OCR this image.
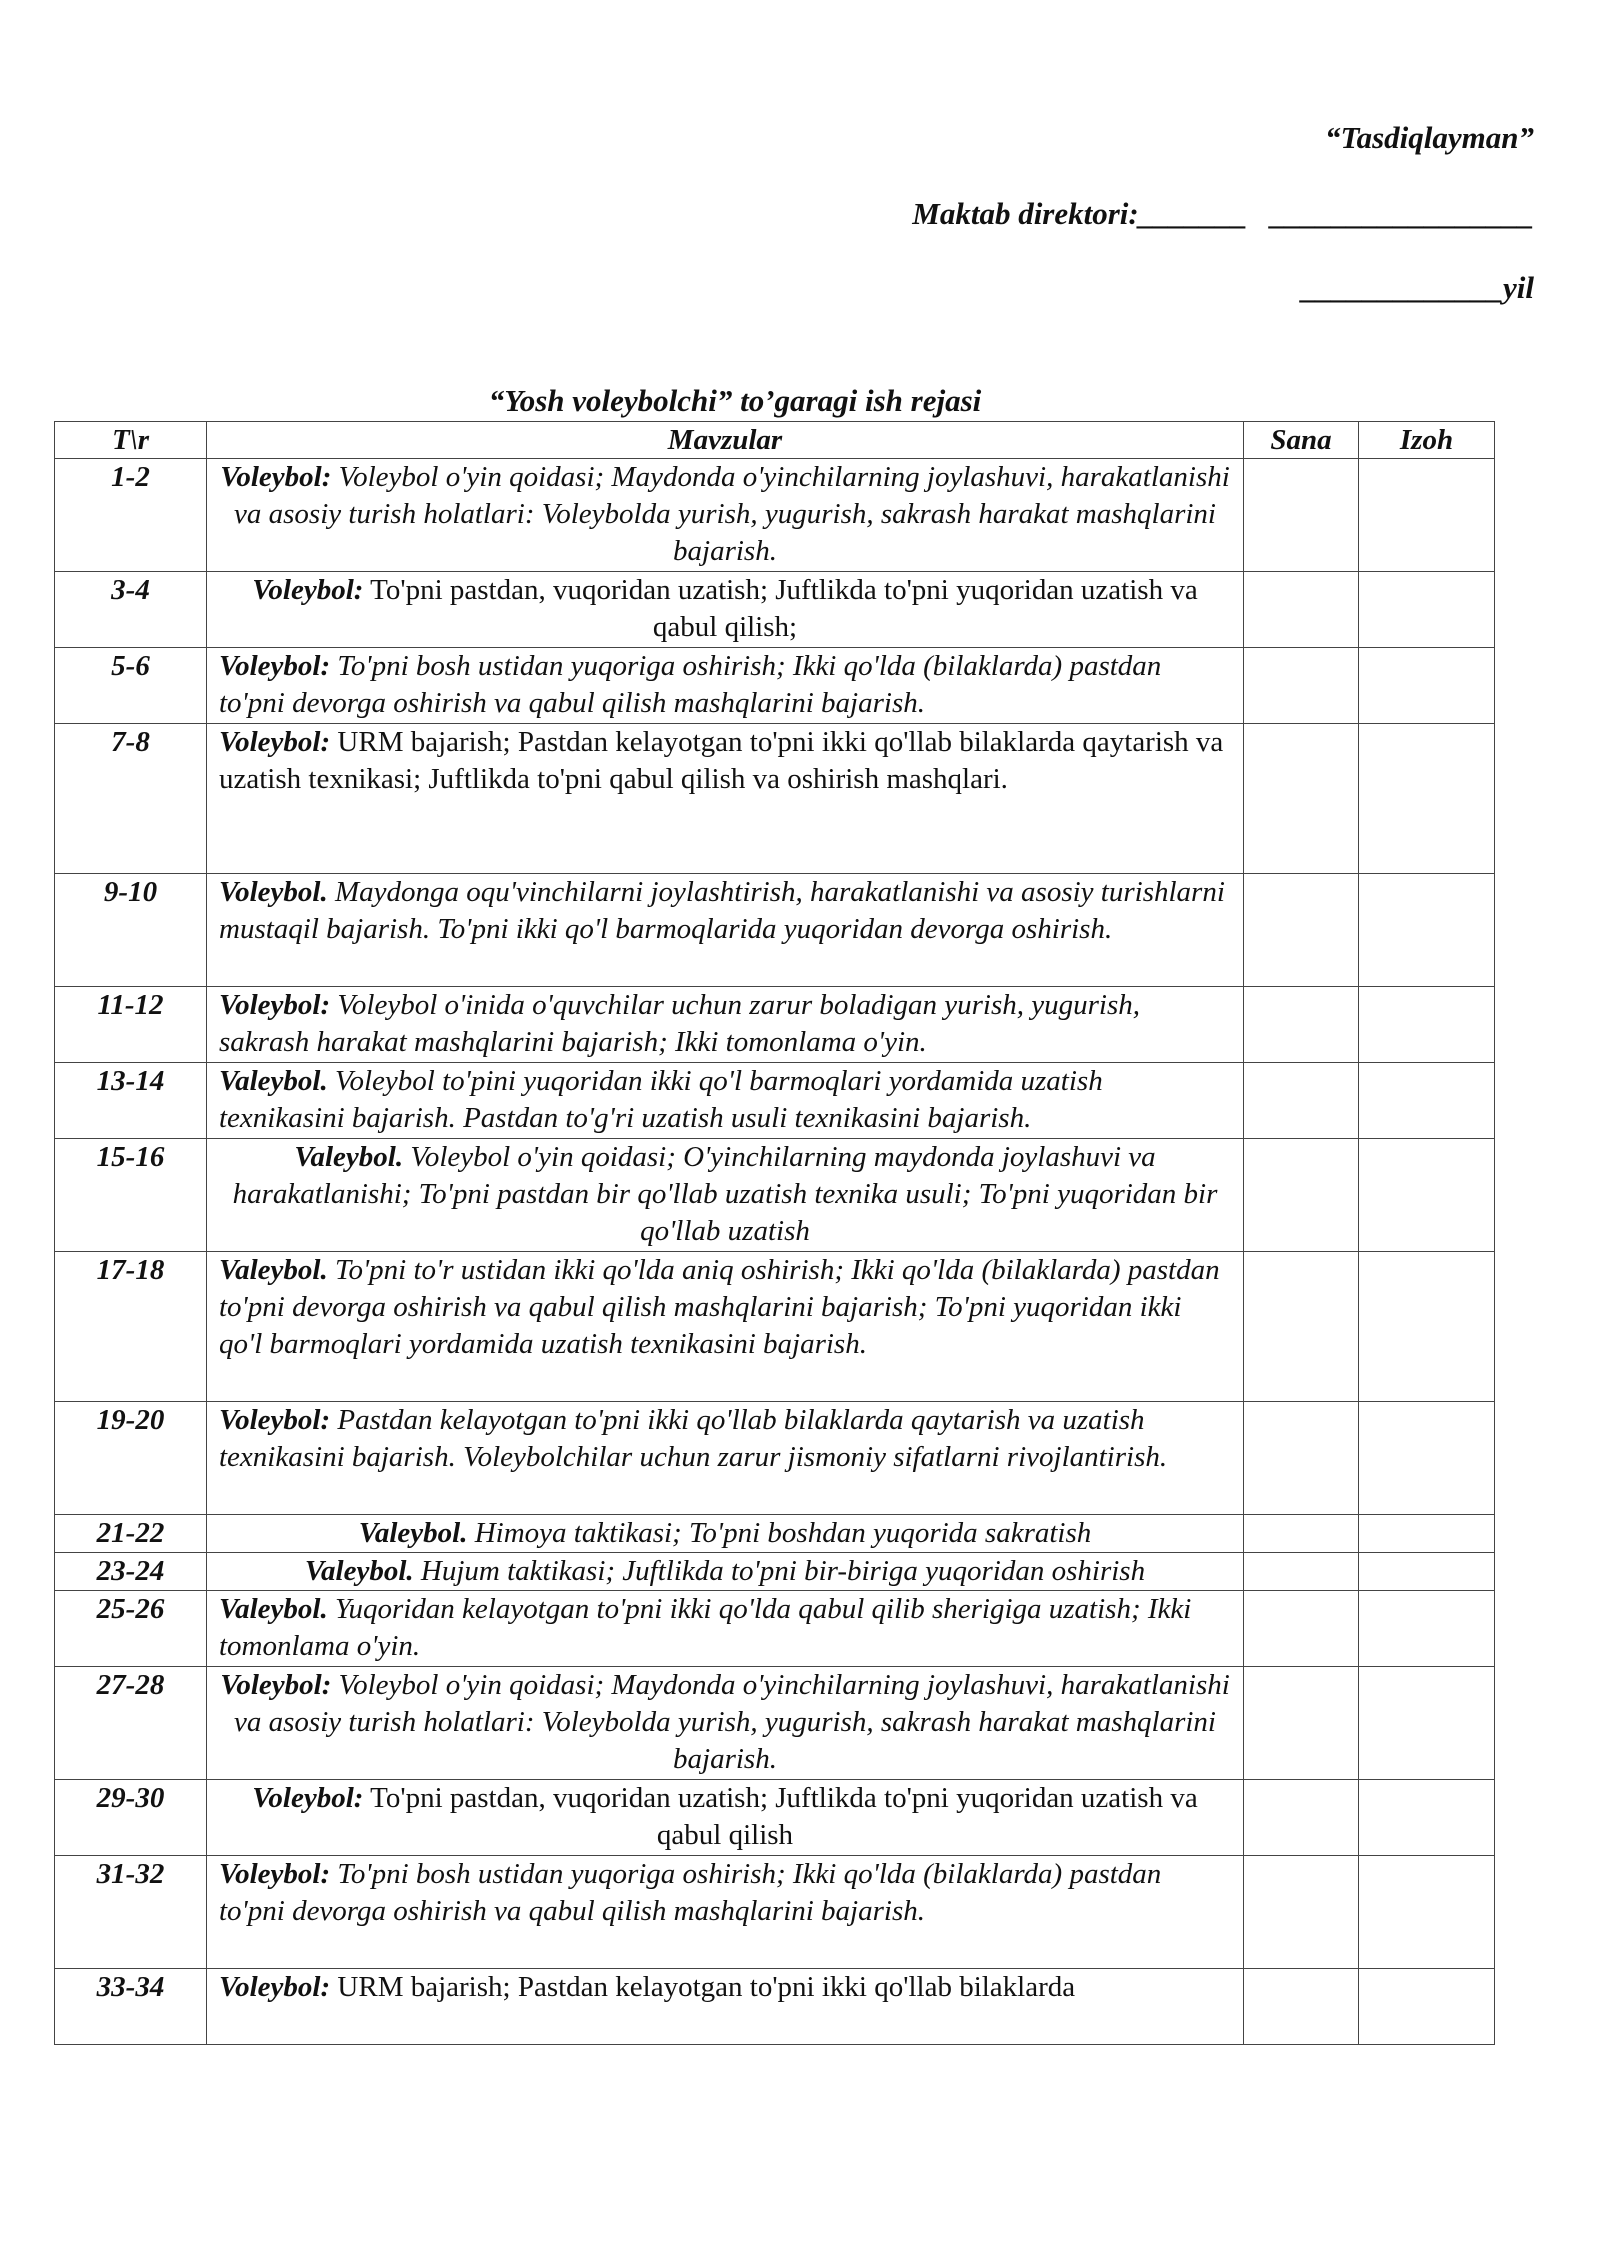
“Tasdiqlayman”
Maktab direktori:_______   _________________
_____________yil
“Yosh voleybolchi” to’garagi ish rejasi
T\r	Mavzular	Sana	Izoh
1-2	Voleybol: Voleybol o'yin qoidasi; Maydonda o'yinchilarning joylashuvi, harakatlanishi va asosiy turish holatlari: Voleybolda yurish, yugurish, sakrash harakat mashqlarini bajarish.		
3-4	Voleybol: To'pni pastdan, vuqoridan uzatish; Juftlikda to'pni yuqoridan uzatish va qabul qilish;		
5-6	Voleybol: To'pni bosh ustidan yuqoriga oshirish; Ikki qo'lda (bilaklarda) pastdan to'pni devorga oshirish va qabul qilish mashqlarini bajarish.		
7-8	Voleybol: URM bajarish; Pastdan kelayotgan to'pni ikki qo'llab bilaklarda qaytarish va uzatish texnikasi; Juftlikda to'pni qabul qilish va oshirish mashqlari.		
9-10	Voleybol. Maydonga oqu'vinchilarni joylashtirish, harakatlanishi va asosiy turishlarni mustaqil bajarish. To'pni ikki qo'l barmoqlarida yuqoridan devorga oshirish.		
11-12	Voleybol: Voleybol o'inida o'quvchilar uchun zarur boladigan yurish, yugurish, sakrash harakat mashqlarini bajarish; Ikki tomonlama o'yin.		
13-14	Valeybol. Voleybol to'pini yuqoridan ikki qo'l barmoqlari yordamida uzatish texnikasini bajarish. Pastdan to'g'ri uzatish usuli texnikasini bajarish.		
15-16	Valeybol. Voleybol o'yin qoidasi; O'yinchilarning maydonda joylashuvi va harakatlanishi; To'pni pastdan bir qo'llab uzatish texnika usuli; To'pni yuqoridan bir qo'llab uzatish		
17-18	Valeybol. To'pni to'r ustidan ikki qo'lda aniq oshirish; Ikki qo'lda (bilaklarda) pastdan to'pni devorga oshirish va qabul qilish mashqlarini bajarish; To'pni yuqoridan ikki qo'l barmoqlari yordamida uzatish texnikasini bajarish.		
19-20	Voleybol: Pastdan kelayotgan to'pni ikki qo'llab bilaklarda qaytarish va uzatish texnikasini bajarish. Voleybolchilar uchun zarur jismoniy sifatlarni rivojlantirish.		
21-22	Valeybol. Himoya taktikasi; To'pni boshdan yuqorida sakratish		
23-24	Valeybol. Hujum taktikasi; Juftlikda to'pni bir-biriga yuqoridan oshirish		
25-26	Valeybol. Yuqoridan kelayotgan to'pni ikki qo'lda qabul qilib sherigiga uzatish; Ikki tomonlama o'yin.		
27-28	Voleybol: Voleybol o'yin qoidasi; Maydonda o'yinchilarning joylashuvi, harakatlanishi va asosiy turish holatlari: Voleybolda yurish, yugurish, sakrash harakat mashqlarini bajarish.		
29-30	Voleybol: To'pni pastdan, vuqoridan uzatish; Juftlikda to'pni yuqoridan uzatish va qabul qilish		
31-32	Voleybol: To'pni bosh ustidan yuqoriga oshirish; Ikki qo'lda (bilaklarda) pastdan to'pni devorga oshirish va qabul qilish mashqlarini bajarish.		
33-34	Voleybol: URM bajarish; Pastdan kelayotgan to'pni ikki qo'llab bilaklarda		
